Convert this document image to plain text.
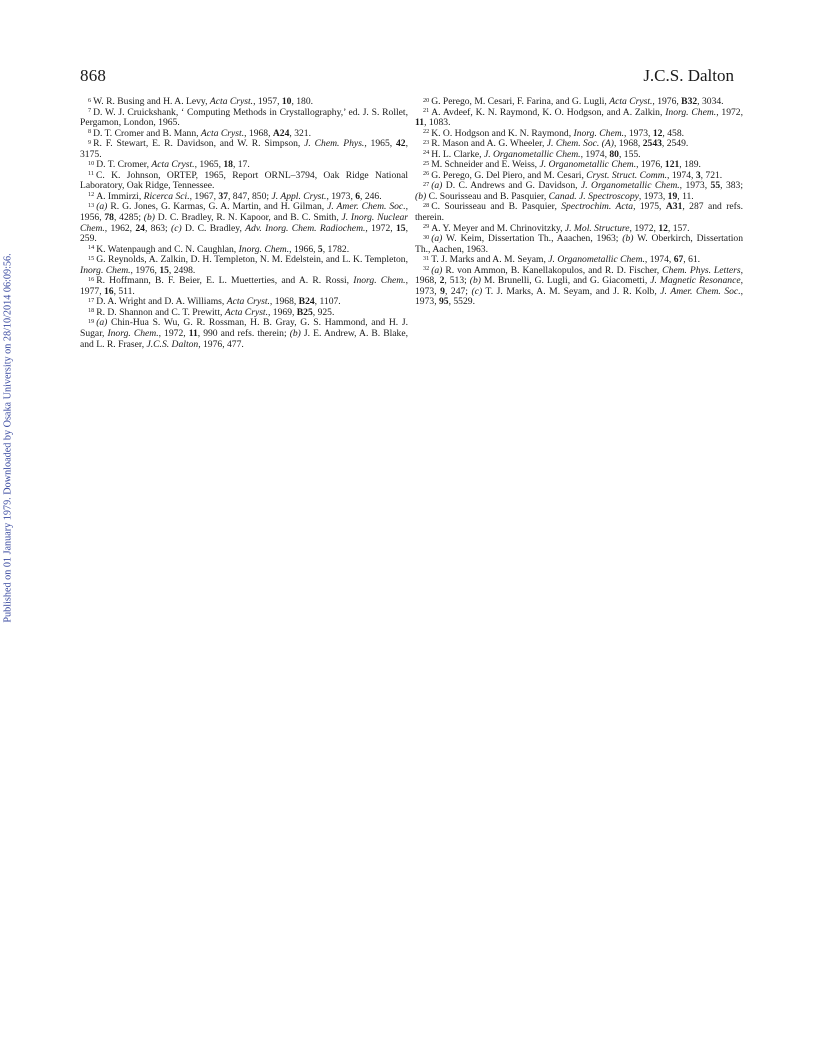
868	J.C.S. Dalton
Published on 01 January 1979. Downloaded by Osaka University on 28/10/2014 06:09:56.

$^6$ W. R. Busing and H. A. Levy, Acta Cryst., 1957, 10, 180.

$^7$ D. W. J. Cruickshank, ‘ Computing Methods in Crystallography,’ ed. J. S. Rollet, Pergamon, London, 1965.

$^8$ D. T. Cromer and B. Mann, Acta Cryst., 1968, A24, 321.

$^9$ R. F. Stewart, E. R. Davidson, and W. R. Simpson, J. Chem. Phys., 1965, 42, 3175.

$^{10}$ D. T. Cromer, Acta Cryst., 1965, 18, 17.

$^{11}$ C. K. Johnson, ORTEP, 1965, Report ORNL–3794, Oak Ridge National Laboratory, Oak Ridge, Tennessee.

$^{12}$ A. Immirzi, Ricerca Sci., 1967, 37, 847, 850; J. Appl. Cryst., 1973, 6, 246.

$^{13}$ (a) R. G. Jones, G. Karmas, G. A. Martin, and H. Gilman, J. Amer. Chem. Soc., 1956, 78, 4285; (b) D. C. Bradley, R. N. Kapoor, and B. C. Smith, J. Inorg. Nuclear Chem., 1962, 24, 863; (c) D. C. Bradley, Adv. Inorg. Chem. Radiochem., 1972, 15, 259.

$^{14}$ K. Watenpaugh and C. N. Caughlan, Inorg. Chem., 1966, 5, 1782.

$^{15}$ G. Reynolds, A. Zalkin, D. H. Templeton, N. M. Edelstein, and L. K. Templeton, Inorg. Chem., 1976, 15, 2498.

$^{16}$ R. Hoffmann, B. F. Beier, E. L. Muetterties, and A. R. Rossi, Inorg. Chem., 1977, 16, 511.

$^{17}$ D. A. Wright and D. A. Williams, Acta Cryst., 1968, B24, 1107.

$^{18}$ R. D. Shannon and C. T. Prewitt, Acta Cryst., 1969, B25, 925.

$^{19}$ (a) Chin-Hua S. Wu, G. R. Rossman, H. B. Gray, G. S. Hammond, and H. J. Sugar, Inorg. Chem., 1972, 11, 990 and refs. therein; (b) J. E. Andrew, A. B. Blake, and L. R. Fraser, J.C.S. Dalton, 1976, 477.

$^{20}$ G. Perego, M. Cesari, F. Farina, and G. Lugli, Acta Cryst., 1976, B32, 3034.

$^{21}$ A. Avdeef, K. N. Raymond, K. O. Hodgson, and A. Zalkin, Inorg. Chem., 1972, 11, 1083.

$^{22}$ K. O. Hodgson and K. N. Raymond, Inorg. Chem., 1973, 12, 458.

$^{23}$ R. Mason and A. G. Wheeler, J. Chem. Soc. (A), 1968, 2543, 2549.

$^{24}$ H. L. Clarke, J. Organometallic Chem., 1974, 80, 155.

$^{25}$ M. Schneider and E. Weiss, J. Organometallic Chem., 1976, 121, 189.

$^{26}$ G. Perego, G. Del Piero, and M. Cesari, Cryst. Struct. Comm., 1974, 3, 721.

$^{27}$ (a) D. C. Andrews and G. Davidson, J. Organometallic Chem., 1973, 55, 383; (b) C. Sourisseau and B. Pasquier, Canad. J. Spectroscopy, 1973, 19, 11.

$^{28}$ C. Sourisseau and B. Pasquier, Spectrochim. Acta, 1975, A31, 287 and refs. therein.

$^{29}$ A. Y. Meyer and M. Chrinovitzky, J. Mol. Structure, 1972, 12, 157.

$^{30}$ (a) W. Keim, Dissertation Th., Aaachen, 1963; (b) W. Oberkirch, Dissertation Th., Aachen, 1963.

$^{31}$ T. J. Marks and A. M. Seyam, J. Organometallic Chem., 1974, 67, 61.

$^{32}$ (a) R. von Ammon, B. Kanellakopulos, and R. D. Fischer, Chem. Phys. Letters, 1968, 2, 513; (b) M. Brunelli, G. Lugli, and G. Giacometti, J. Magnetic Resonance, 1973, 9, 247; (c) T. J. Marks, A. M. Seyam, and J. R. Kolb, J. Amer. Chem. Soc., 1973, 95, 5529.
